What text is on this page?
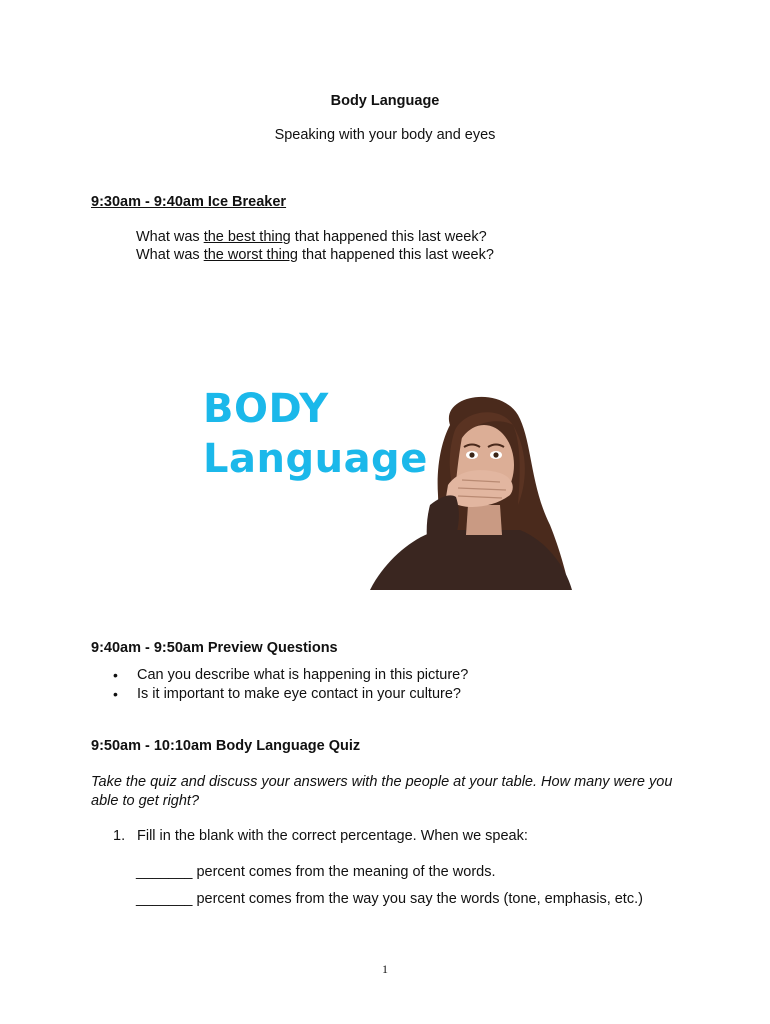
Body Language
Speaking with your body and eyes
9:30am - 9:40am Ice Breaker
What was the best thing that happened this last week?
What was the worst thing that happened this last week?
BODY
Language
9:40am - 9:50am Preview Questions
•	Can you describe what is happening in this picture?
•	Is it important to make eye contact in your culture?
9:50am - 10:10am Body Language Quiz
Take the quiz and discuss your answers with the people at your table. How many were you able to get right?
1. Fill in the blank with the correct percentage. When we speak:
_______ percent comes from the meaning of the words.
_______ percent comes from the way you say the words (tone, emphasis, etc.)
1
